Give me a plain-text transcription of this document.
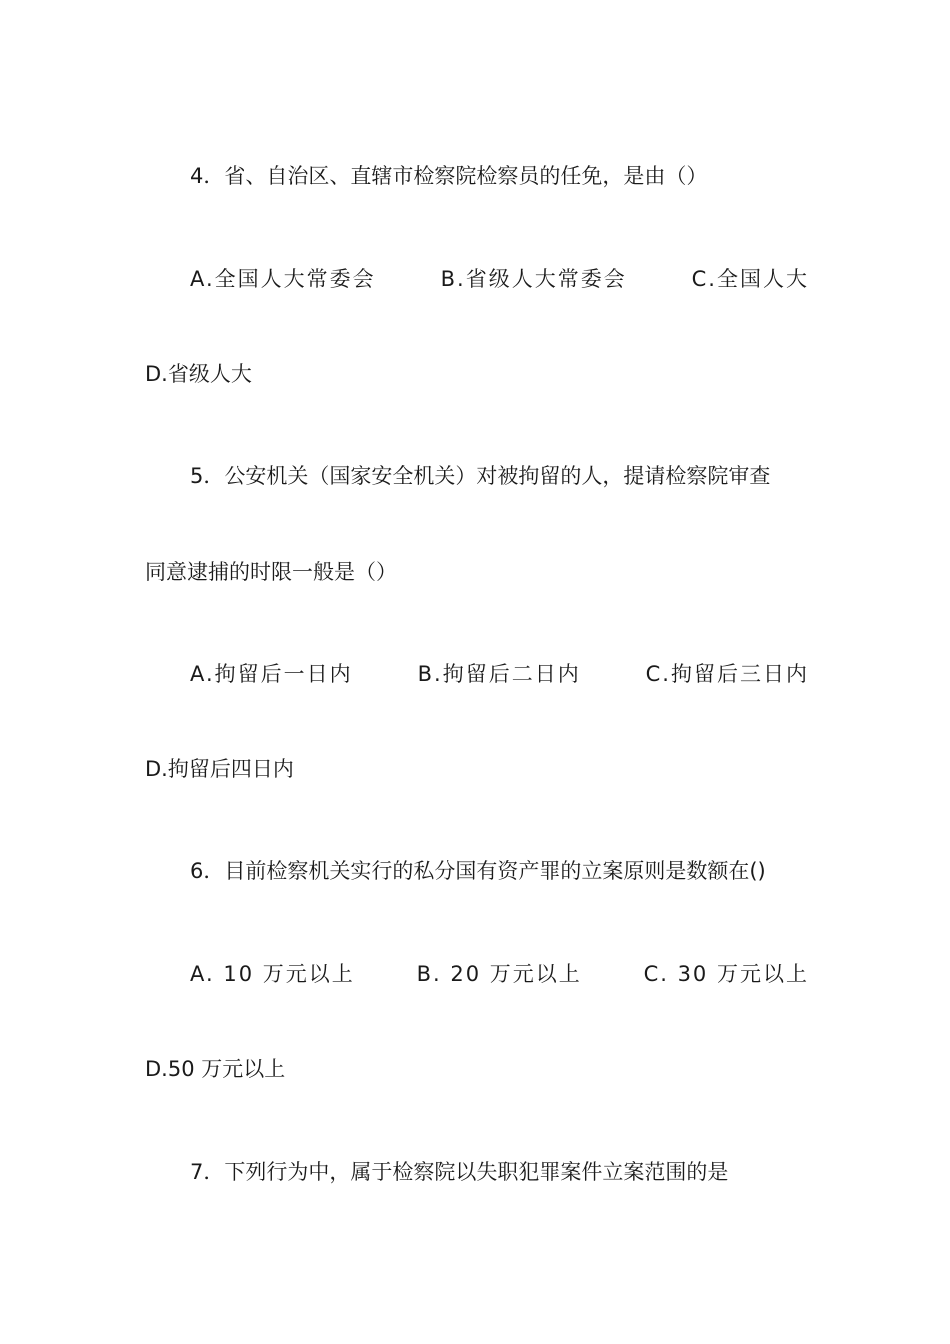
4．省、自治区、直辖市检察院检察员的任免，是由（）
A.全国人大常委会	B.省级人大常委会	C.全国人大
D.省级人大
5．公安机关（国家安全机关）对被拘留的人，提请检察院审查
同意逮捕的时限一般是（）
A.拘留后一日内	B.拘留后二日内	C.拘留后三日内
D.拘留后四日内
6．目前检察机关实行的私分国有资产罪的立案原则是数额在()
A. 10 万元以上	B. 20 万元以上	C. 30 万元以上
D.50 万元以上
7．下列行为中，属于检察院以失职犯罪案件立案范围的是
